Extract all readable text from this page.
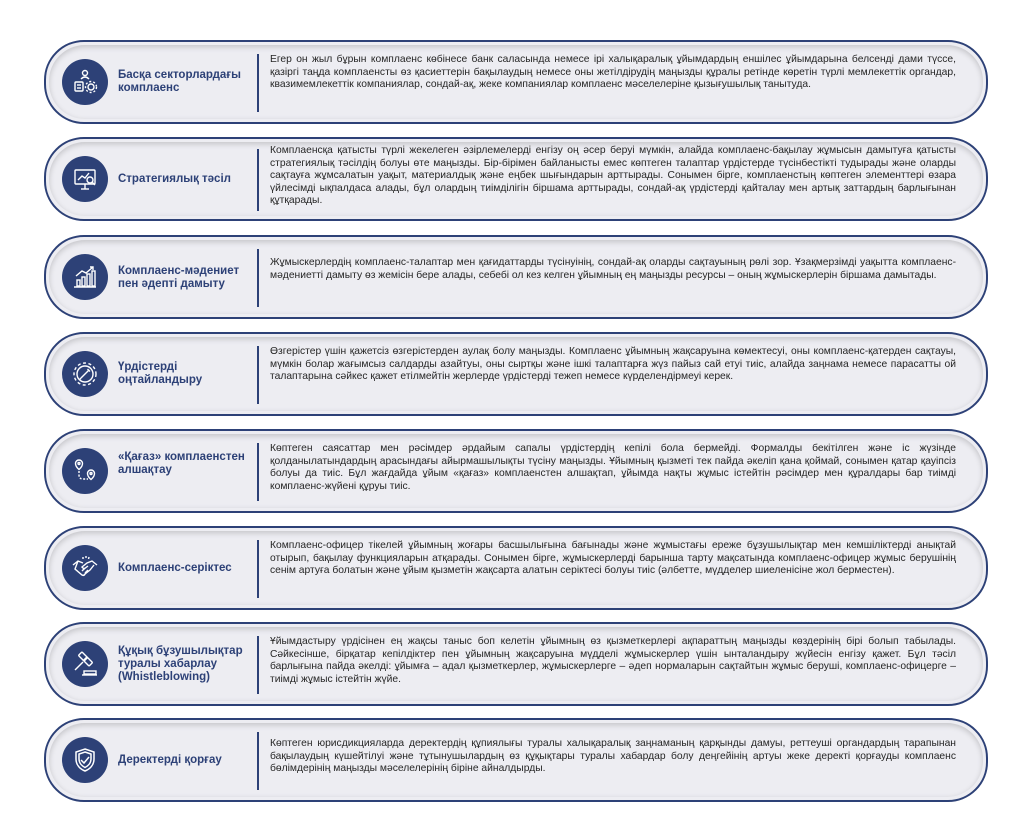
Басқа секторлардағы комплаенс
Егер он жыл бұрын комплаенс көбінесе банк саласында немесе ірі халықаралық ұйымдардың еншілес ұйымдарына белсенді дами түссе, қазіргі таңда комплаенсты өз қасиеттерін бақылаудың немесе оны жетілдірудің маңызды құралы ретінде көретін түрлі мемлекеттік органдар, квазимемлекеттік компаниялар, сондай-ақ, жеке компаниялар комплаенс мәселелеріне қызығушылық танытуда.
Стратегиялық тәсіл
Комплаенсқа қатысты түрлі жекелеген әзірлемелерді енгізу оң әсер беруі мүмкін, алайда комплаенс-бақылау жұмысын дамытуға қатысты стратегиялық тәсілдің болуы өте маңызды. Бір-бірімен байланысты емес көптеген талаптар үрдістерде түсінбестікті тудырады және оларды сақтауға жұмсалатын уақыт, материалдық және еңбек шығындарын арттырады. Сонымен бірге, комплаенстың көптеген элементтері өзара үйлесімді ықпалдаса алады, бұл олардың тиімділігін біршама арттырады, сондай-ақ үрдістерді қайталау мен артық заттардың барлығынан құтқарады.
Комплаенс-мәдениет пен әдепті дамыту
Жұмыскерлердің комплаенс-талаптар мен қағидаттарды түсінуінің, сондай-ақ оларды сақтауының рөлі зор. Ұзақмерзімді уақытта комплаенс-мәдениетті дамыту өз жемісін бере алады, себебі ол кез келген ұйымның ең маңызды ресурсы – оның жұмыскерлерін біршама дамытады.
Үрдістерді оңтайландыру
Өзгерістер үшін қажетсіз өзгерістерден аулақ болу маңызды. Комплаенс ұйымның жақсаруына көмектесуі, оны комплаенс-қатерден сақтауы, мүмкін болар жағымсыз салдарды азайтуы, оны сыртқы және ішкі талаптарға жүз пайыз сай етуі тиіс, алайда заңнама немесе парасатты ой талаптарына сәйкес қажет етілмейтін жерлерде үрдістерді тежеп немесе күрделендірмеуі керек.
«Қағаз» комплаенстен алшақтау
Көптеген саясаттар мен рәсімдер әрдайым сапалы үрдістердің кепілі бола бермейді. Формалды бекітілген және іс жүзінде қолданылатындардың арасындағы айырмашылықты түсіну маңызды. Ұйымның қызметі тек пайда әкеліп қана қоймай, сонымен қатар қауіпсіз болуы да тиіс. Бұл жағдайда ұйым «қағаз» комплаенстен алшақтап, ұйымда нақты жұмыс істейтін рәсімдер мен құралдары бар тиімді комплаенс-жүйені құруы тиіс.
Комплаенс-серіктес
Комплаенс-офицер тікелей ұйымның жоғары басшылығына бағынады және жұмыстағы ереже бұзушылықтар мен кемшіліктерді анықтай отырып, бақылау функцияларын атқарады. Сонымен бірге, жұмыскерлерді барынша тарту мақсатында комплаенс-офицер жұмыс берушінің сенім артуға болатын және ұйым қызметін жақсарта алатын серіктесі болуы тиіс (әлбетте, мүдделер шиеленісіне жол берместен).
Құқық бұзушылықтар туралы хабарлау (Whistleblowing)
Ұйымдастыру үрдісінен ең жақсы таныс боп келетін ұйымның өз қызметкерлері ақпараттың маңызды көздерінің бірі болып табылады. Сәйкесінше, бірқатар кепілдіктер пен ұйымның жақсаруына мүдделі жұмыскерлер үшін ынталандыру жүйесін енгізу қажет. Бұл тәсіл барлығына пайда әкелді: ұйымға – адал қызметкерлер, жұмыскерлерге – әдеп нормаларын сақтайтын жұмыс беруші, комплаенс-офицерге – тиімді жұмыс істейтін жүйе.
Деректерді қорғау
Көптеген юрисдикцияларда деректердің құпиялығы туралы халықаралық заңнаманың қарқынды дамуы, реттеуші органдардың тарапынан бақылаудың күшейтілуі және тұтынушылардың өз құқықтары туралы хабардар болу деңгейінің артуы жеке деректі қорғауды комплаенс бөлімдерінің маңызды мәселелерінің біріне айналдырды.
